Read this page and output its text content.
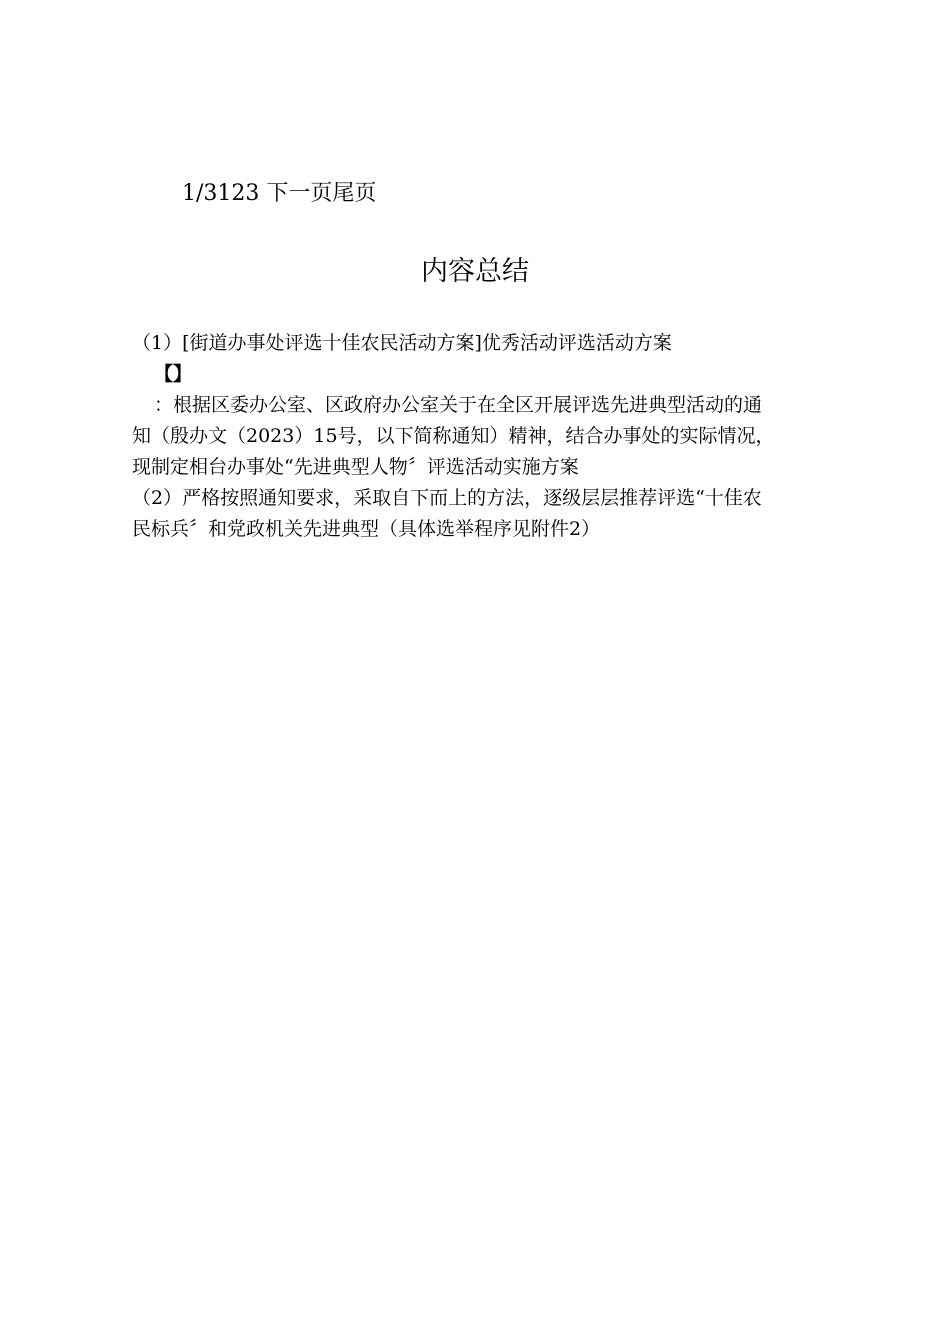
1/3123 下一页尾页
内容总结
（1）[街道办事处评选十佳农民活动方案]优秀活动评选活动方案
【】
：根据区委办公室、区政府办公室关于在全区开展评选先进典型活动的通
知（殷办文（2023）15号，以下简称通知）精神，结合办事处的实际情况，
现制定相台办事处“先进典型人物〞评选活动实施方案
（2）严格按照通知要求，采取自下而上的方法，逐级层层推荐评选“十佳农
民标兵〞和党政机关先进典型（具体选举程序见附件2）
